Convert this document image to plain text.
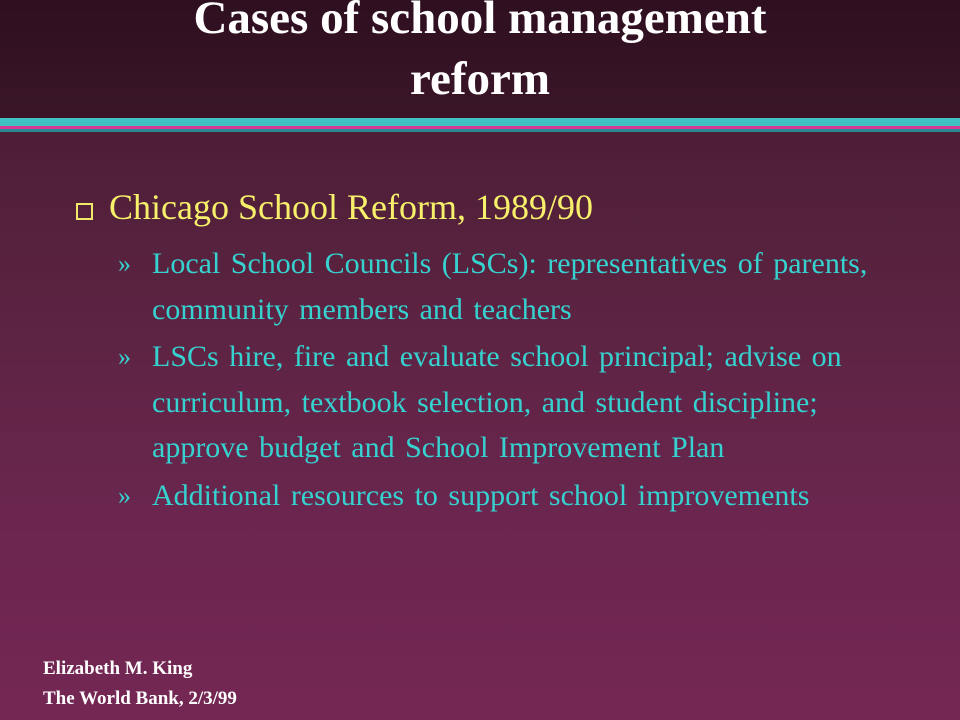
Cases of school management
reform
Chicago School Reform, 1989/90
» Local School Councils (LSCs): representatives of parents, community members and teachers
» LSCs hire, fire and evaluate school principal; advise on curriculum, textbook selection, and student discipline; approve budget and School Improvement Plan
» Additional resources to support school improvements
Elizabeth M. King
The World Bank, 2/3/99
